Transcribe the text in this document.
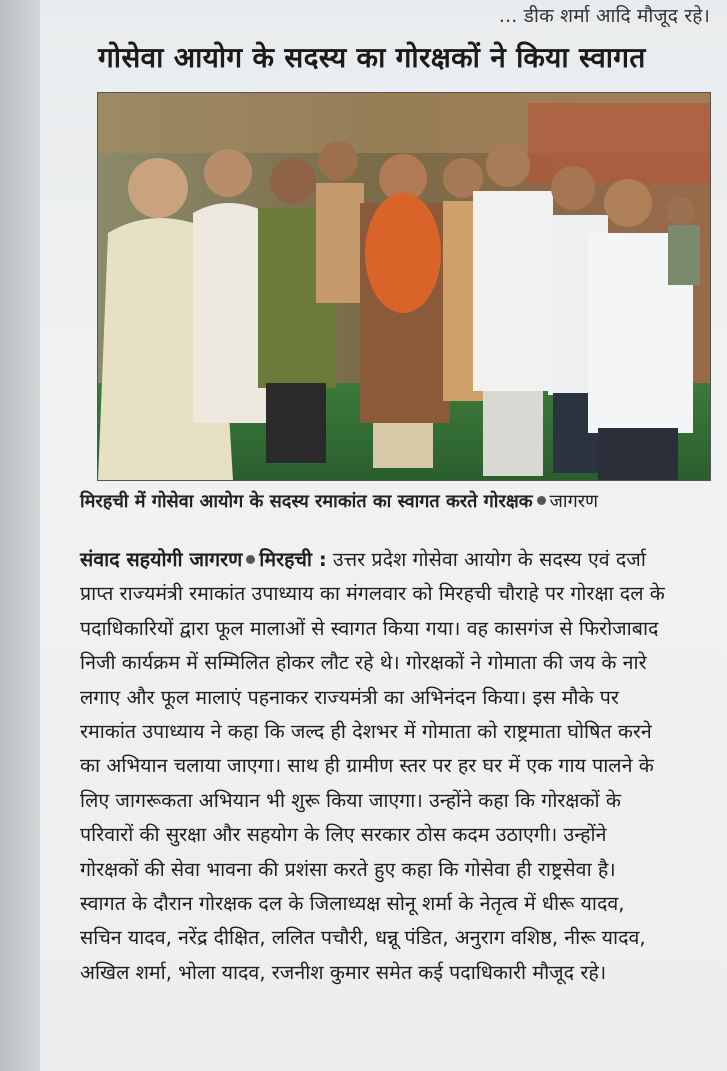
... डीक शर्मा आदि मौजूद रहे।
गोसेवा आयोग के सदस्य का गोरक्षकों ने किया स्वागत
मिरहची में गोसेवा आयोग के सदस्य रमाकांत का स्वागत करते गोरक्षक जागरण
संवाद सहयोगी जागरण मिरहची : उत्तर प्रदेश गोसेवा आयोग के सदस्य एवं दर्जा
प्राप्त राज्यमंत्री रमाकांत उपाध्याय का मंगलवार को मिरहची चौराहे पर गोरक्षा दल के
पदाधिकारियों द्वारा फूल मालाओं से स्वागत किया गया। वह कासगंज से फिरोजाबाद
निजी कार्यक्रम में सम्मिलित होकर लौट रहे थे। गोरक्षकों ने गोमाता की जय के नारे
लगाए और फूल मालाएं पहनाकर राज्यमंत्री का अभिनंदन किया। इस मौके पर
रमाकांत उपाध्याय ने कहा कि जल्द ही देशभर में गोमाता को राष्ट्रमाता घोषित करने
का अभियान चलाया जाएगा। साथ ही ग्रामीण स्तर पर हर घर में एक गाय पालने के
लिए जागरूकता अभियान भी शुरू किया जाएगा। उन्होंने कहा कि गोरक्षकों के
परिवारों की सुरक्षा और सहयोग के लिए सरकार ठोस कदम उठाएगी। उन्होंने
गोरक्षकों की सेवा भावना की प्रशंसा करते हुए कहा कि गोसेवा ही राष्ट्रसेवा है।
स्वागत के दौरान गोरक्षक दल के जिलाध्यक्ष सोनू शर्मा के नेतृत्व में धीरू यादव,
सचिन यादव, नरेंद्र दीक्षित, ललित पचौरी, धन्नू पंडित, अनुराग वशिष्ठ, नीरू यादव,
अखिल शर्मा, भोला यादव, रजनीश कुमार समेत कई पदाधिकारी मौजूद रहे।
